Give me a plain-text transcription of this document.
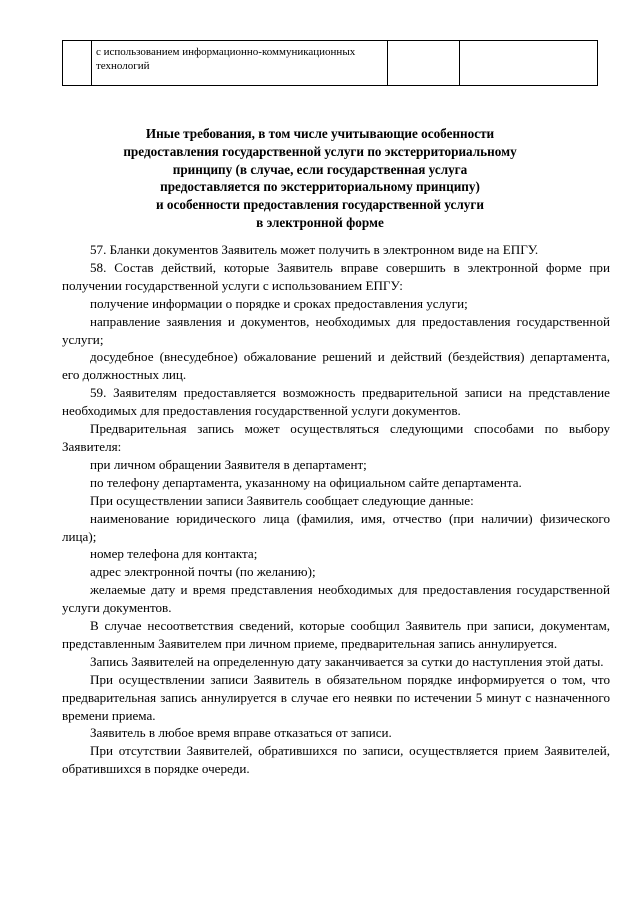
	с использованием информационно-коммуникационных технологий		
Иные требования, в том числе учитывающие особенности
предоставления государственной услуги по экстерриториальному
принципу (в случае, если государственная услуга
предоставляется по экстерриториальному принципу)
и особенности предоставления государственной услуги
в электронной форме

57. Бланки документов Заявитель может получить в электронном виде на ЕПГУ.

58. Состав действий, которые Заявитель вправе совершить в электронной форме при получении государственной услуги с использованием ЕПГУ:

получение информации о порядке и сроках предоставления услуги;

направление заявления и документов, необходимых для предоставления государственной услуги;

досудебное (внесудебное) обжалование решений и действий (бездействия) департамента, его должностных лиц.

59. Заявителям предоставляется возможность предварительной записи на представление необходимых для предоставления государственной услуги документов.

Предварительная запись может осуществляться следующими способами по выбору Заявителя:

при личном обращении Заявителя в департамент;

по телефону департамента, указанному на официальном сайте департамента.

При осуществлении записи Заявитель сообщает следующие данные:

наименование юридического лица (фамилия, имя, отчество (при наличии) физического лица);

номер телефона для контакта;

адрес электронной почты (по желанию);

желаемые дату и время представления необходимых для предоставления государственной услуги документов.

В случае несоответствия сведений, которые сообщил Заявитель при записи, документам, представленным Заявителем при личном приеме, предварительная запись аннулируется.

Запись Заявителей на определенную дату заканчивается за сутки до наступления этой даты.

При осуществлении записи Заявитель в обязательном порядке информируется о том, что предварительная запись аннулируется в случае его неявки по истечении 5 минут с назначенного времени приема.

Заявитель в любое время вправе отказаться от записи.

При отсутствии Заявителей, обратившихся по записи, осуществляется прием Заявителей, обратившихся в порядке очереди.
